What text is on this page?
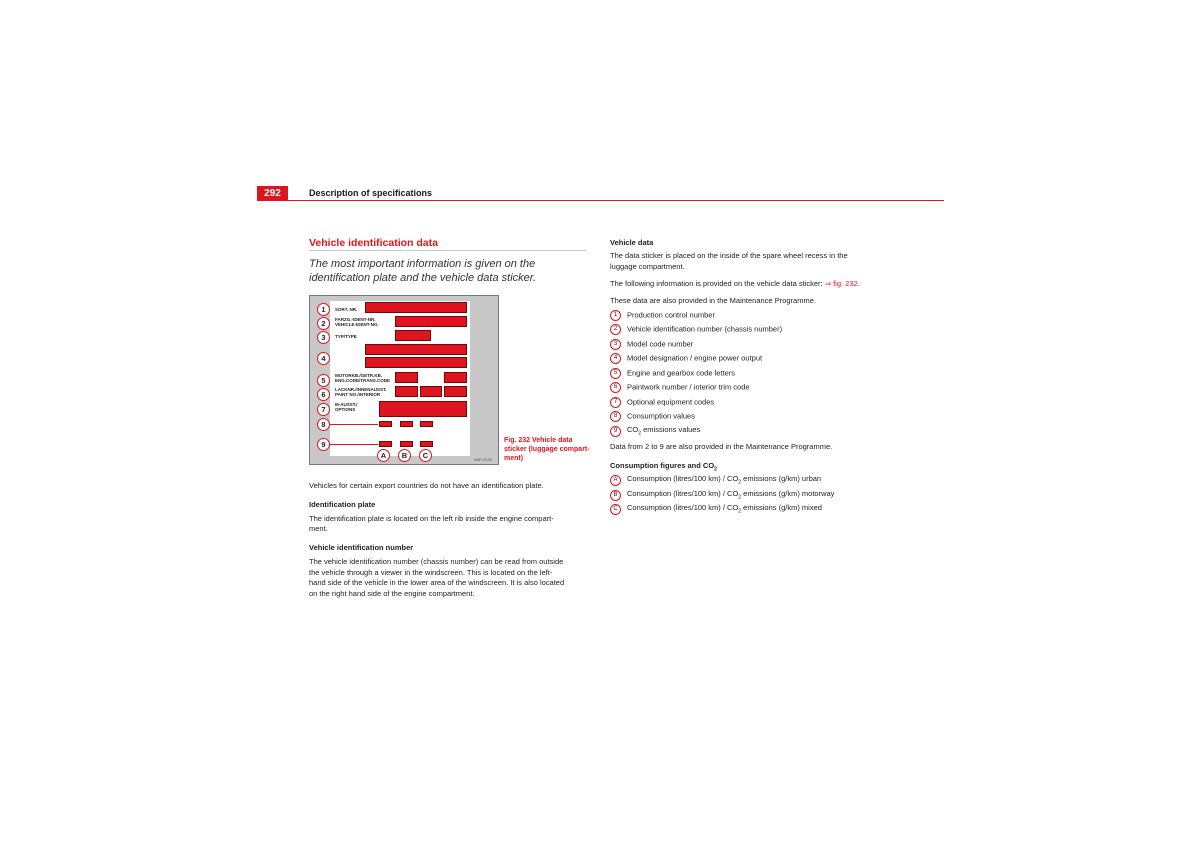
292	Description of specifications
Vehicle identification data
The most important information is given on the identification plate and the vehicle data sticker.
1
2
3
4
5
6
7
8
9
SORT. NR.
FARZG.-IDENT-NR.
VEHICLE-IDENT-NO.
TYP/TYPE
MOTORKB./GETR.KB.
ENG.CODE/TRANS.CODE
LACKNR./INNENAUSST.
PAINT NO./INTERIOR
M-AUSST./
OPTIONS
A	B	C	B5P-0335
Fig. 232 Vehicle data sticker (luggage compart-ment)
Vehicles for certain export countries do not have an identification plate.
Identification plate
The identification plate is located on the left rib inside the engine compart-
ment.
Vehicle identification number
The vehicle identification number (chassis number) can be read from outside
the vehicle through a viewer in the windscreen. This is located on the left-
hand side of the vehicle in the lower area of the windscreen. It is also located
on the right hand side of the engine compartment.
Vehicle data
The data sticker is placed on the inside of the spare wheel recess in the
luggage compartment.
The following information is provided on the vehicle data sticker: ⇒ fig. 232.
These data are also provided in the Maintenance Programme.
1 Production control number
2 Vehicle identification number (chassis number)
3 Model code number
4 Model designation / engine power output
5 Engine and gearbox code letters
6 Paintwork number / interior trim code
7 Optional equipment codes
8 Consumption values
9 $CO_2$ emissions values
Data from 2 to 9 are also provided in the Maintenance Programme.
Consumption figures and $CO_2$
A Consumption (litres/100 $km) / CO_2$ emissions (g/km) urban
B Consumption (litres/100 $km) / CO_2$ emissions (g/km) motorway
C Consumption (litres/100 $km) / CO_2$ emissions (g/km) mixed
